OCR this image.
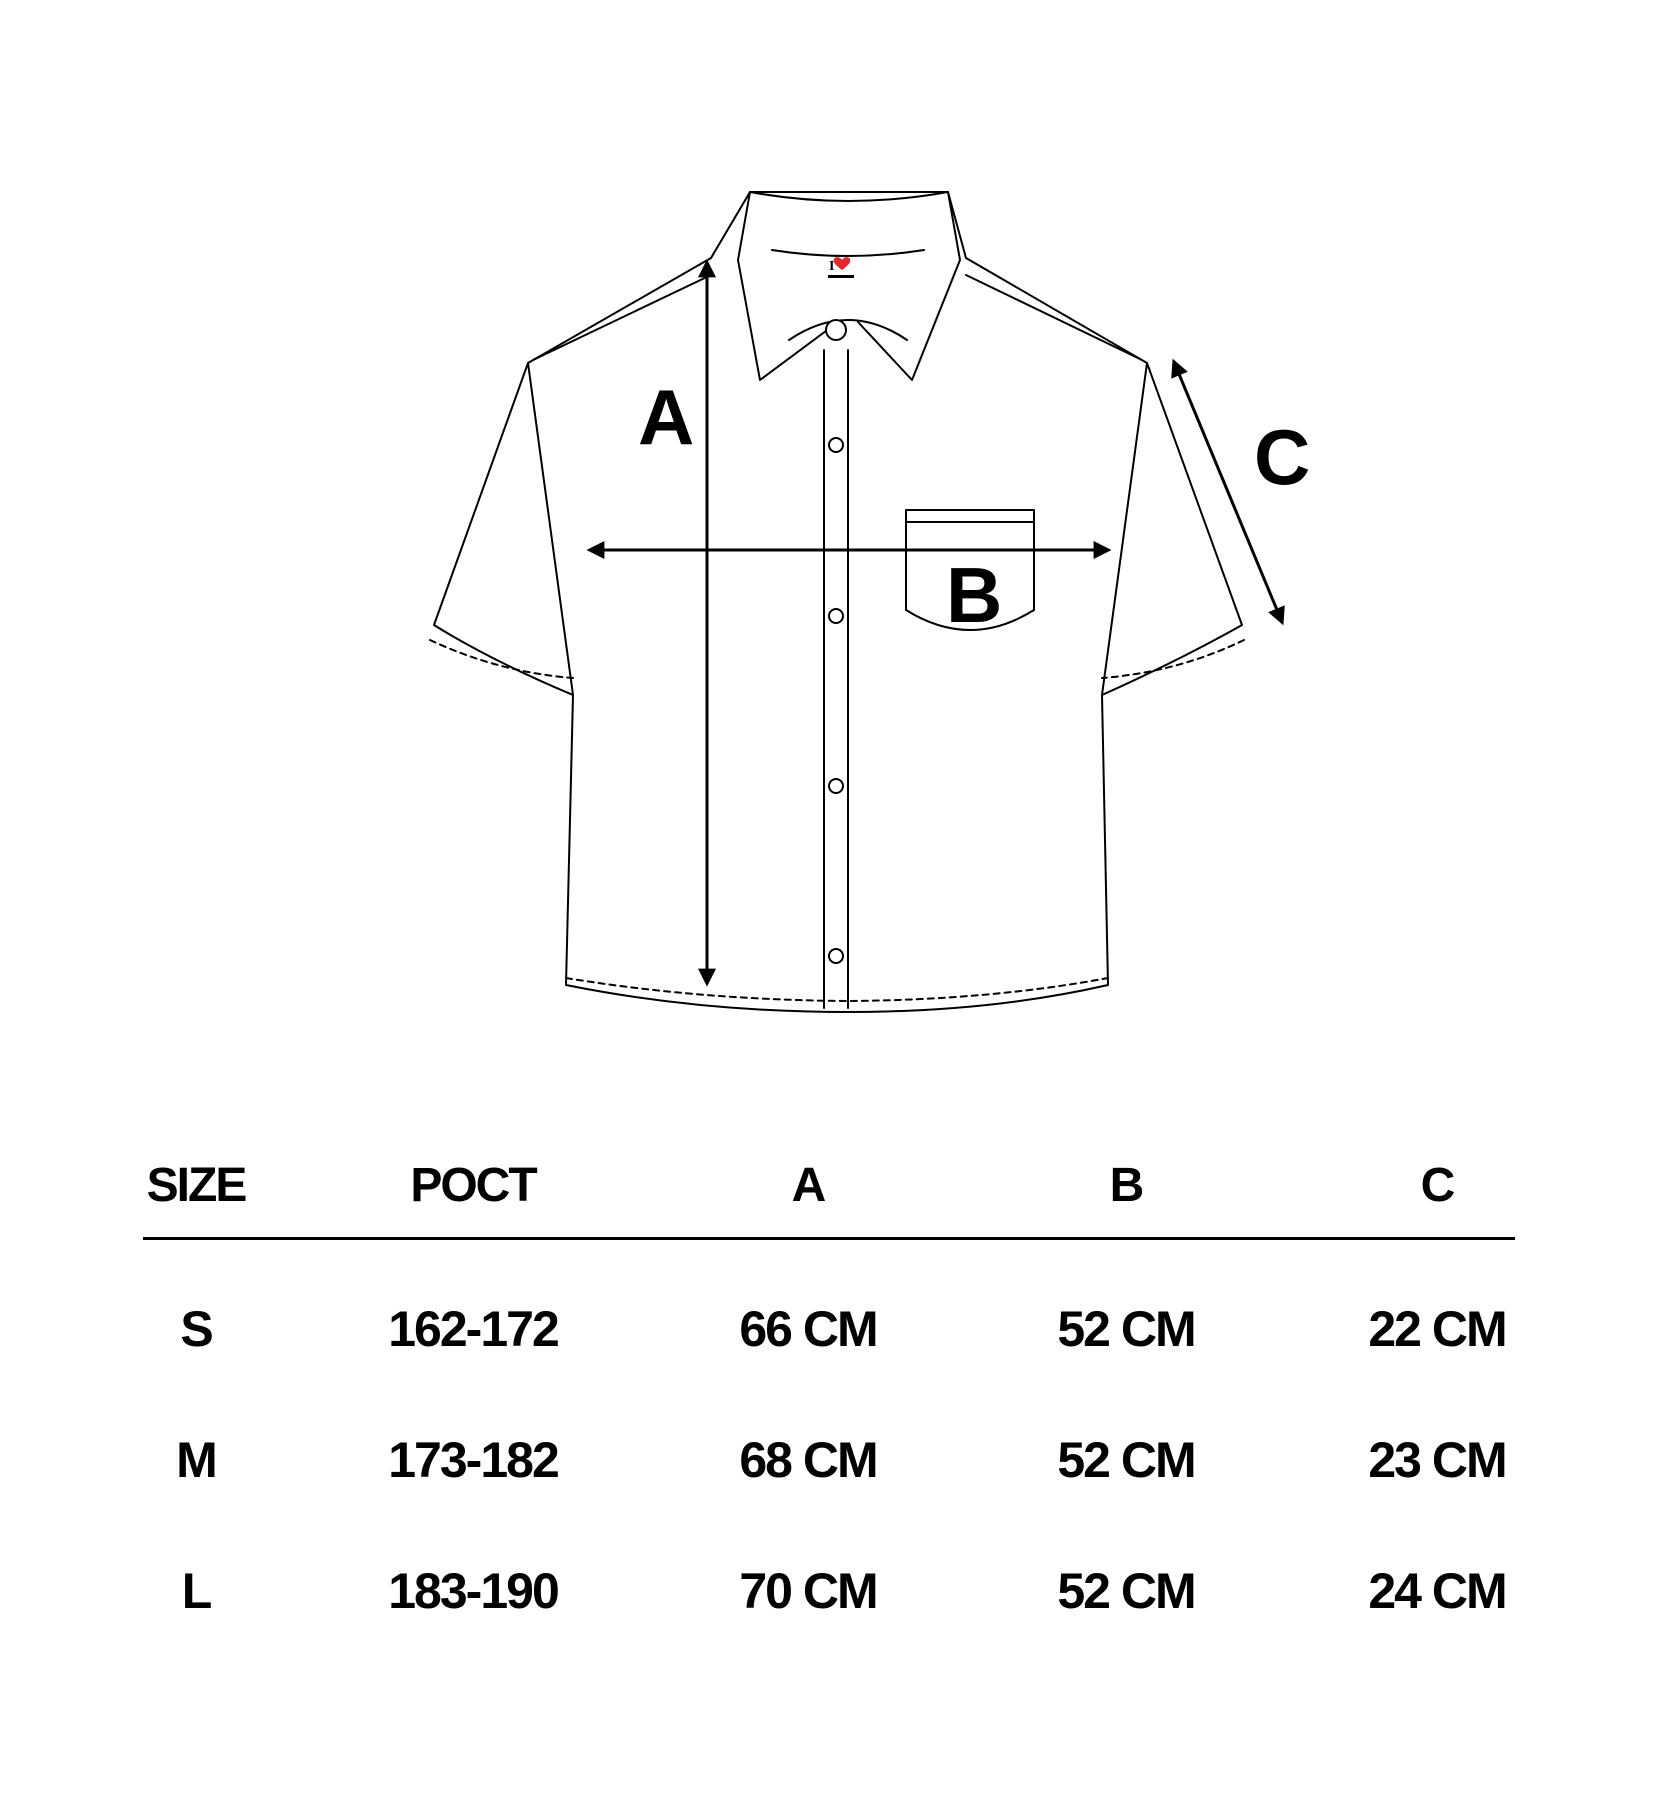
I
A
B
C
SIZE	POCT	A	B	C
S	162-172	66 CM	52 CM	22 CM
M	173-182	68 CM	52 CM	23 CM
L	183-190	70 CM	52 CM	24 CM
